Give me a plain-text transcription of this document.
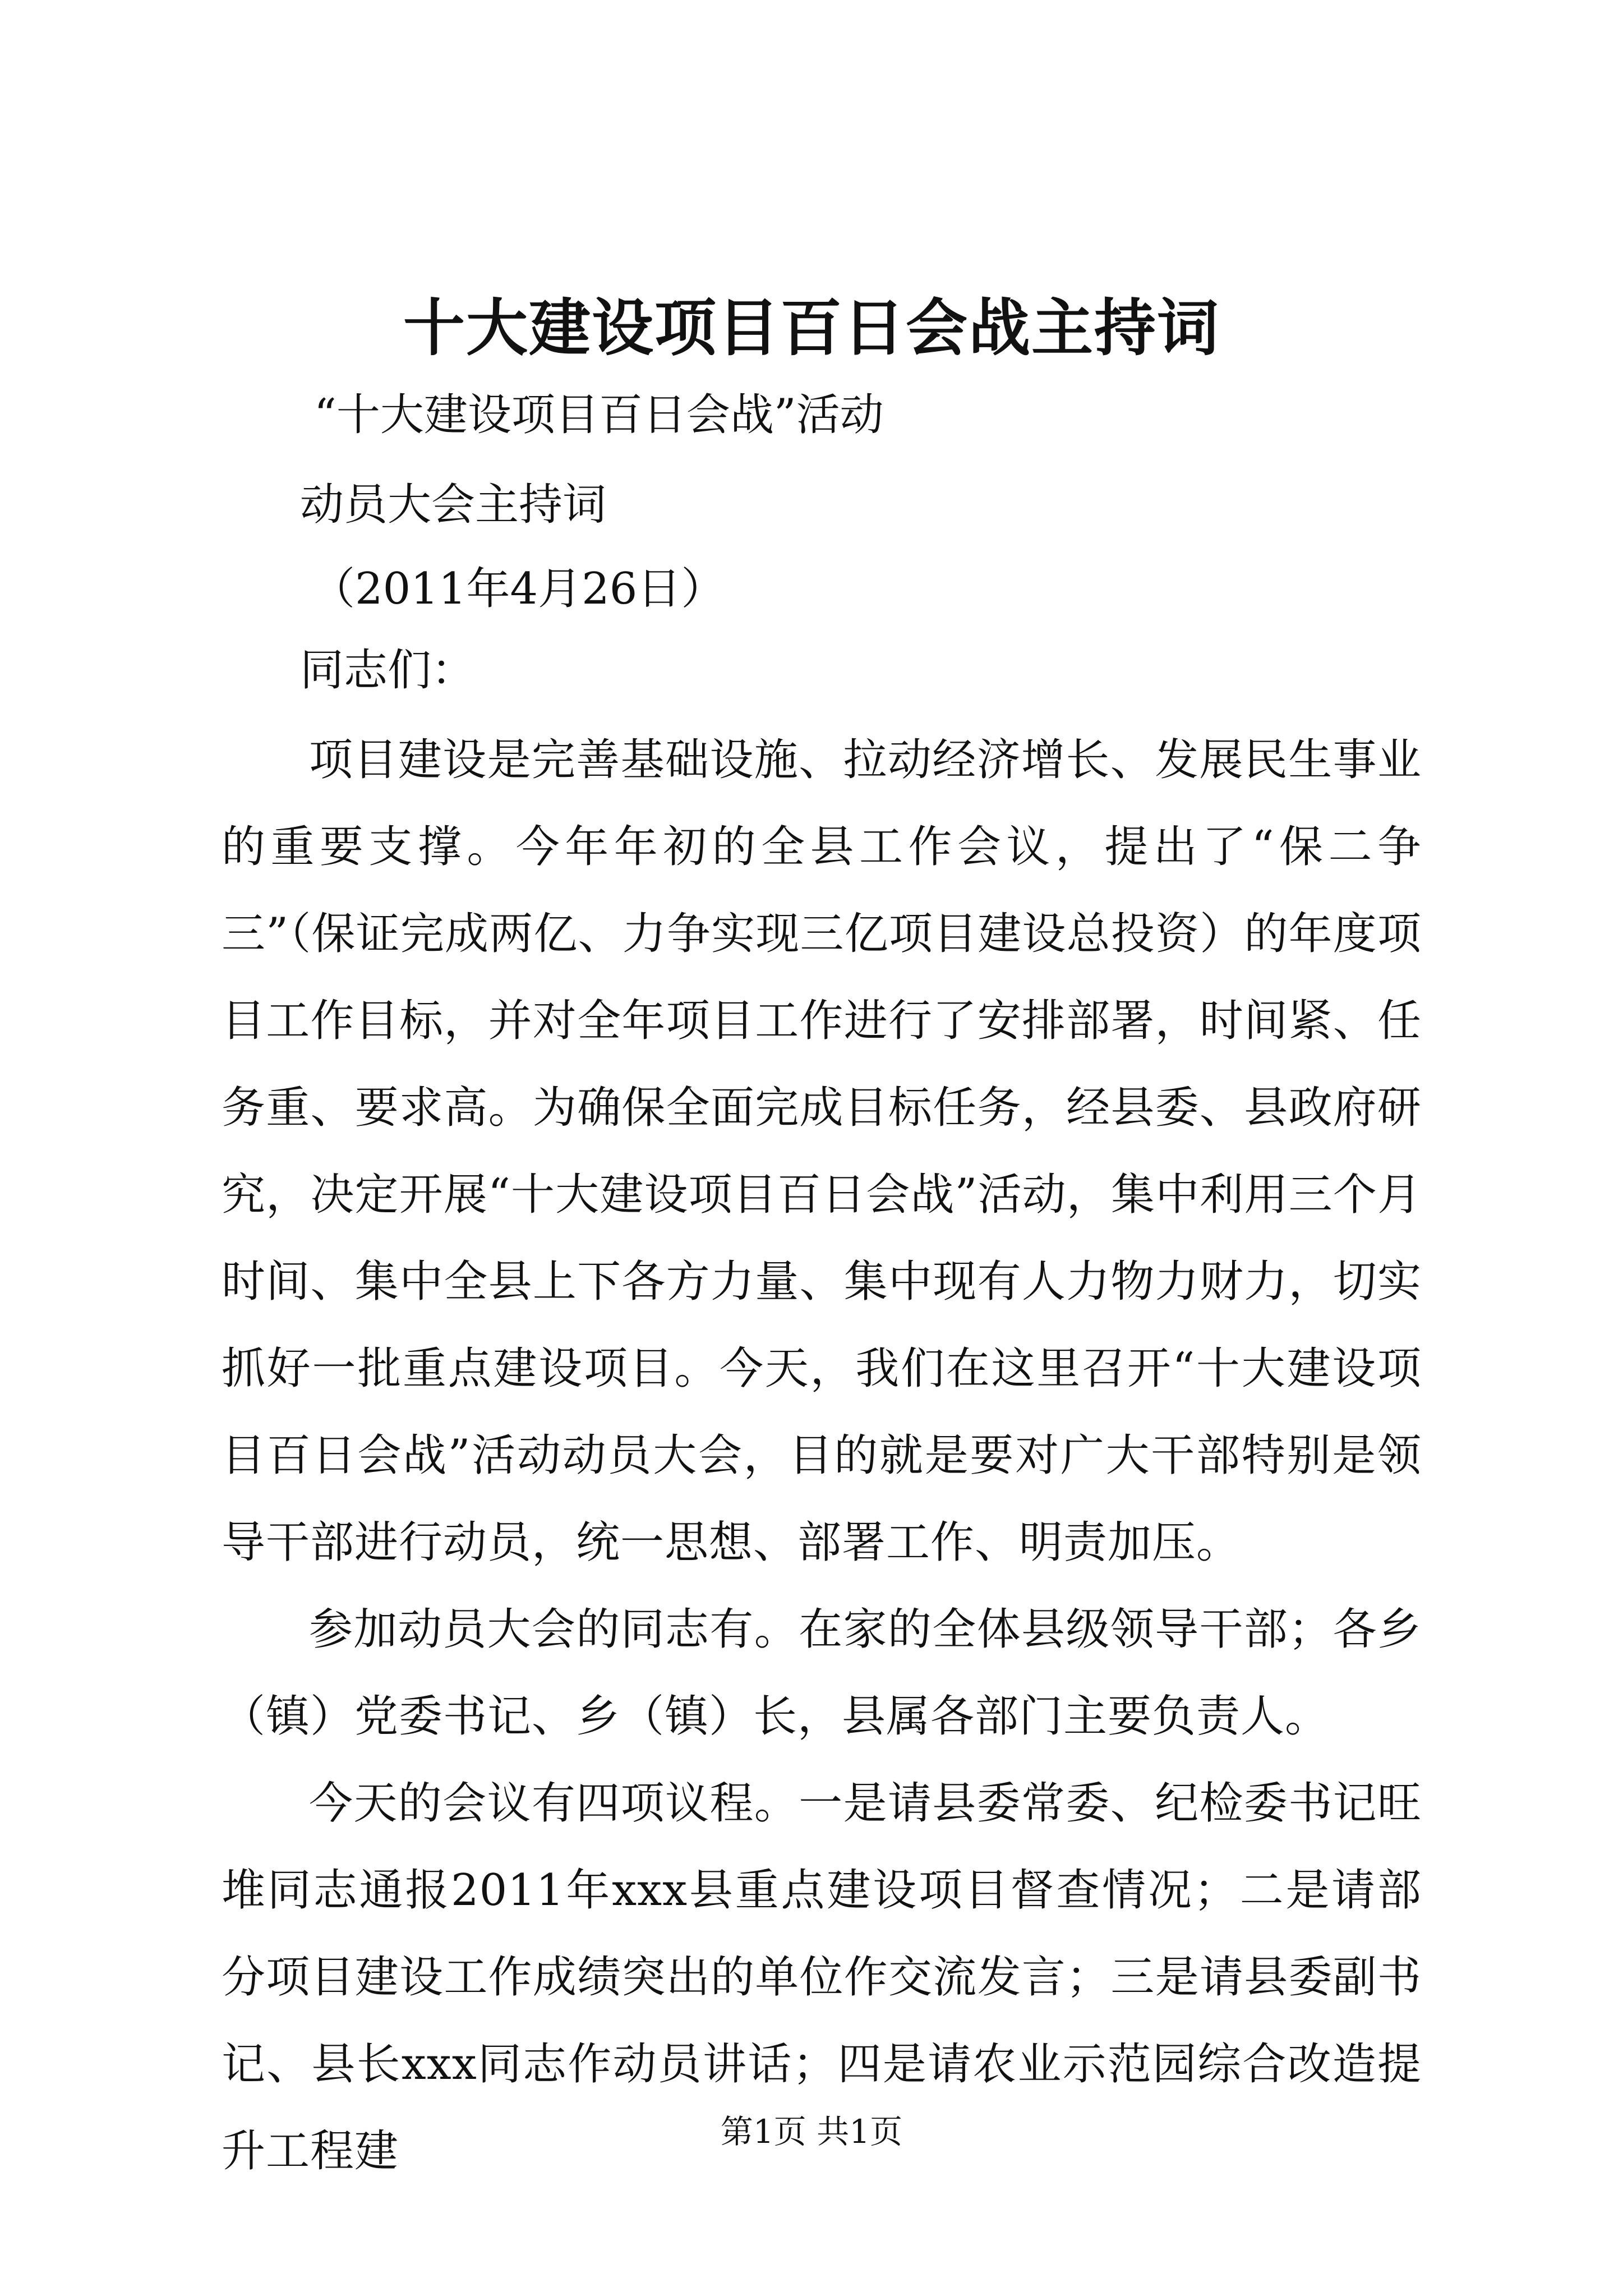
十大建设项目百日会战主持词
“十大建设项目百日会战”活动
动员大会主持词
（2011年4月26日）
同志们：

项目建设是完善基础设施、拉动经济增长、发展民生事业的重要支撑。今年年初的全县工作会议，提出了“保二争三”（保证完成两亿、力争实现三亿项目建设总投资）的年度项目工作目标，并对全年项目工作进行了安排部署，时间紧、任务重、要求高。为确保全面完成目标任务，经县委、县政府研究，决定开展“十大建设项目百日会战”活动，集中利用三个月时间、集中全县上下各方力量、集中现有人力物力财力，切实抓好一批重点建设项目。今天，我们在这里召开“十大建设项目百日会战”活动动员大会，目的就是要对广大干部特别是领导干部进行动员，统一思想、部署工作、明责加压。

参加动员大会的同志有。在家的全体县级领导干部；各乡（镇）党委书记、乡（镇）长，县属各部门主要负责人。

今天的会议有四项议程。一是请县委常委、纪检委书记旺堆同志通报2011年xxx县重点建设项目督查情况；二是请部分项目建设工作成绩突出的单位作交流发言；三是请县委副书记、县长xxx同志作动员讲话；四是请农业示范园综合改造提升工程建	第1页 共1页
